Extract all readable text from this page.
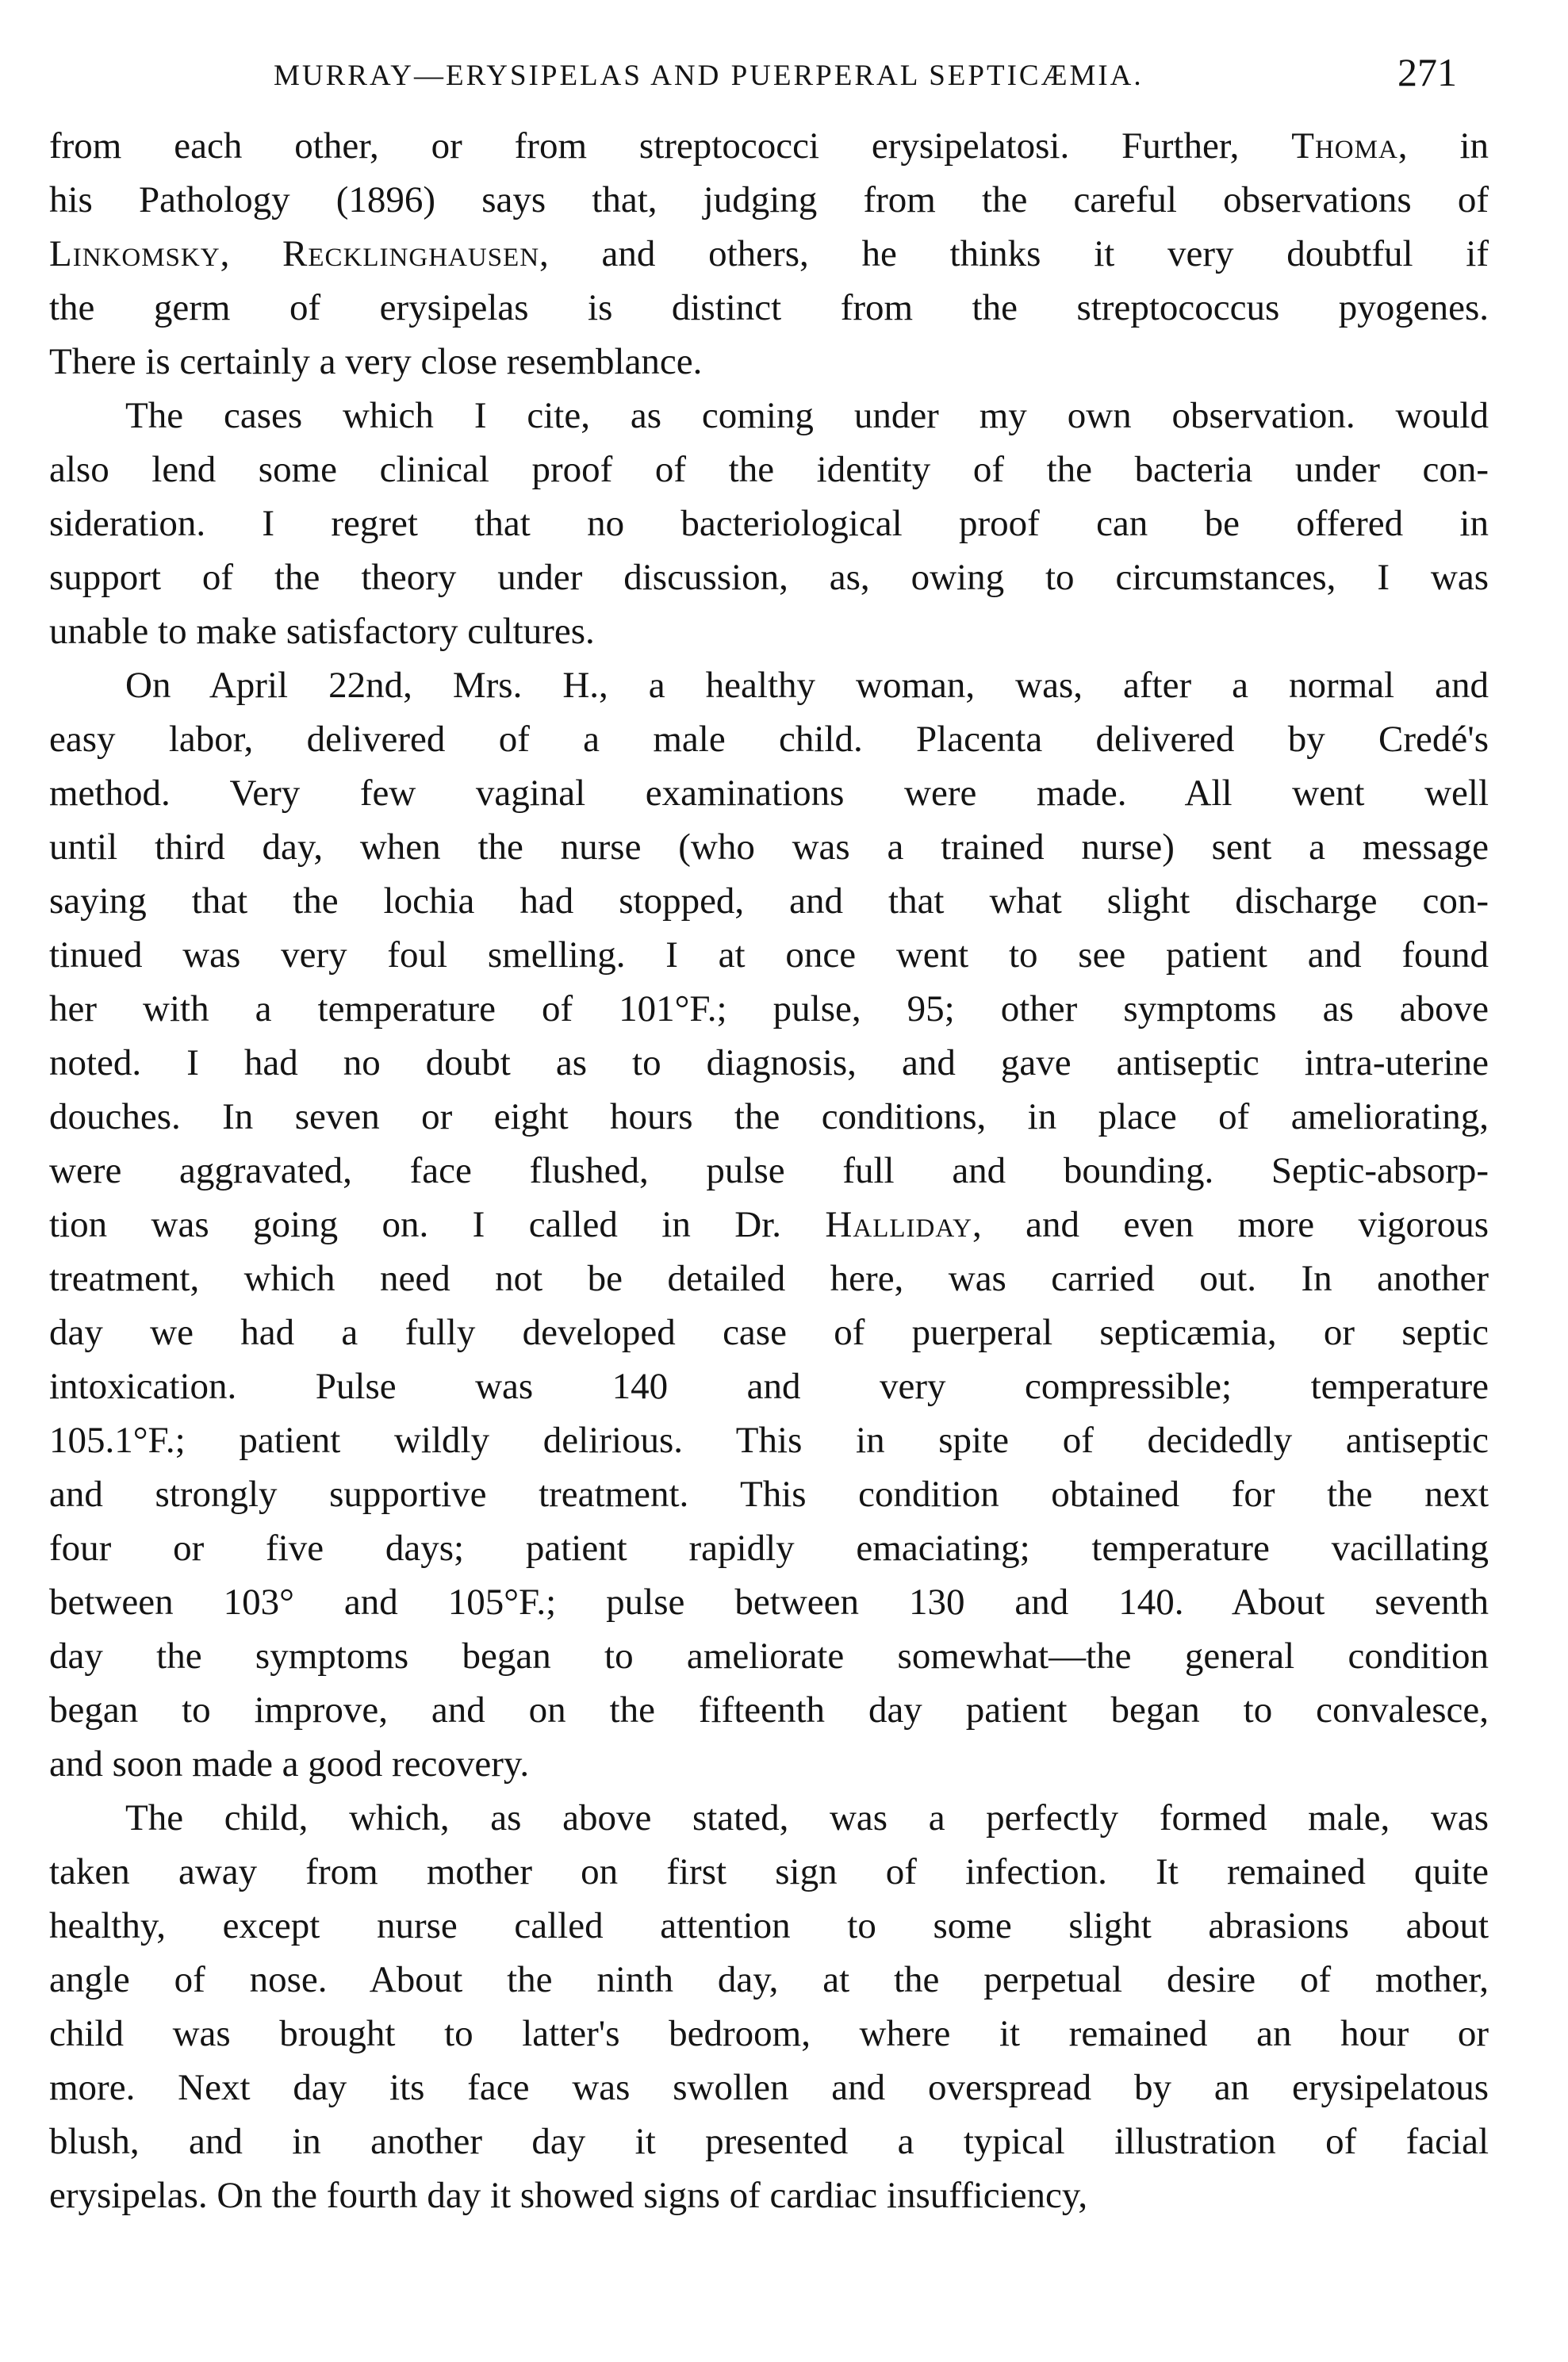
MURRAY—ERYSIPELAS AND PUERPERAL SEPTICÆMIA.	271
from each other, or from streptococci erysipelatosi. Further, Thoma, in
his Pathology (1896) says that, judging from the careful observations of
Linkomsky, Recklinghausen, and others, he thinks it very doubtful if
the germ of erysipelas is distinct from the streptococcus pyogenes.
There is certainly a very close resemblance.
The cases which I cite, as coming under my own observation. would
also lend some clinical proof of the identity of the bacteria under con-
sideration. I regret that no bacteriological proof can be offered in
support of the theory under discussion, as, owing to circumstances, I was
unable to make satisfactory cultures.
On April 22nd, Mrs. H., a healthy woman, was, after a normal and
easy labor, delivered of a male child. Placenta delivered by Credé's
method. Very few vaginal examinations were made. All went well
until third day, when the nurse (who was a trained nurse) sent a message
saying that the lochia had stopped, and that what slight discharge con-
tinued was very foul smelling. I at once went to see patient and found
her with a temperature of 101°F.; pulse, 95; other symptoms as above
noted. I had no doubt as to diagnosis, and gave antiseptic intra-uterine
douches. In seven or eight hours the conditions, in place of ameliorating,
were aggravated, face flushed, pulse full and bounding. Septic-absorp-
tion was going on. I called in Dr. Halliday, and even more vigorous
treatment, which need not be detailed here, was carried out. In another
day we had a fully developed case of puerperal septicæmia, or septic
intoxication. Pulse was 140 and very compressible; temperature
105.1°F.; patient wildly delirious. This in spite of decidedly antiseptic
and strongly supportive treatment. This condition obtained for the next
four or five days; patient rapidly emaciating; temperature vacillating
between 103° and 105°F.; pulse between 130 and 140. About seventh
day the symptoms began to ameliorate somewhat—the general condition
began to improve, and on the fifteenth day patient began to convalesce,
and soon made a good recovery.
The child, which, as above stated, was a perfectly formed male, was
taken away from mother on first sign of infection. It remained quite
healthy, except nurse called attention to some slight abrasions about
angle of nose. About the ninth day, at the perpetual desire of mother,
child was brought to latter's bedroom, where it remained an hour or
more. Next day its face was swollen and overspread by an erysipelatous
blush, and in another day it presented a typical illustration of facial
erysipelas. On the fourth day it showed signs of cardiac insufficiency,
